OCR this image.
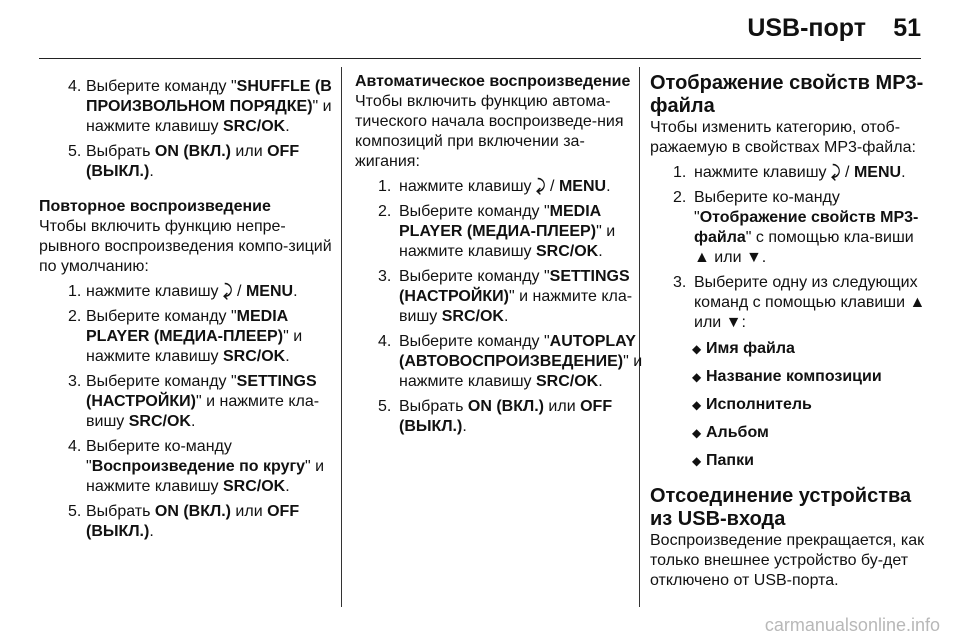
USB-порт 51
4. Выберите команду "SHUFFLE (В ПРОИЗВОЛЬНОМ ПОРЯДКЕ)" и нажмите клавишу SRC/OK.
5. Выбрать ON (ВКЛ.) или OFF (ВЫКЛ.).
Повторное воспроизведение

Чтобы включить функцию непре-рывного воспроизведения компо-зиций по умолчанию:

1. нажмите клавишу ⤸ / MENU.
2. Выберите команду "MEDIA PLAYER (МЕДИА-ПЛЕЕР)" и нажмите клавишу SRC/OK.
3. Выберите команду "SETTINGS (НАСТРОЙКИ)" и нажмите кла-вишу SRC/OK.
4. Выберите ко-манду "Воспроизведение по кругу" и нажмите клавишу SRC/OK.
5. Выбрать ON (ВКЛ.) или OFF (ВЫКЛ.).
Автоматическое воспроизведение

Чтобы включить функцию автома-тического начала воспроизведе-ния композиций при включении за-жигания:

1. нажмите клавишу ⤸ / MENU.
2. Выберите команду "MEDIA PLAYER (МЕДИА-ПЛЕЕР)" и нажмите клавишу SRC/OK.
3. Выберите команду "SETTINGS (НАСТРОЙКИ)" и нажмите кла-вишу SRC/OK.
4. Выберите команду "AUTOPLAY (АВТОВОСПРОИЗВЕДЕНИЕ)" и нажмите клавишу SRC/OK.
5. Выбрать ON (ВКЛ.) или OFF (ВЫКЛ.).
Отображение свойств MP3-файла

Чтобы изменить категорию, отоб-ражаемую в свойствах MP3-файла:

1. нажмите клавишу ⤸ / MENU.
2. Выберите ко-манду "Отображение свойств MP3-файла" с помощью кла-виши ▲ или ▼.
3. Выберите одну из следующих команд с помощью клавиши ▲ или ▼:
◆ Имя файла
◆ Название композиции
◆ Исполнитель
◆ Альбом
◆ Папки
Отсоединение устройства из USB-входа

Воспроизведение прекращается, как только внешнее устройство бу-дет отключено от USB-порта.

carmanualsonline.info
